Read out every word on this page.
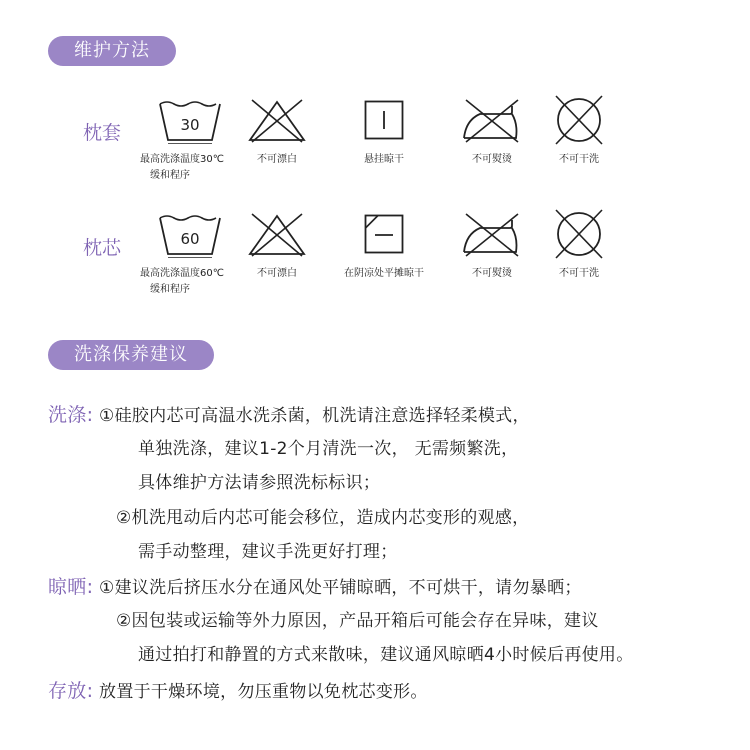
维护方法
枕套	30
最高洗涤温度30℃
缓和程序
不可漂白	悬挂晾干	不可熨烫	不可干洗
枕芯	60
最高洗涤温度60℃
缓和程序
不可漂白	在阴凉处平摊晾干	不可熨烫	不可干洗
洗涤保养建议
洗涤: ①硅胶内芯可高温水洗杀菌，机洗请注意选择轻柔模式，
单独洗涤，建议1-2个月清洗一次， 无需频繁洗，
具体维护方法请参照洗标标识；
②机洗甩动后内芯可能会移位，造成内芯变形的观感，
需手动整理，建议手洗更好打理；
晾晒: ①建议洗后挤压水分在通风处平铺晾晒，不可烘干，请勿暴晒；
②因包装或运输等外力原因，产品开箱后可能会存在异味，建议
通过拍打和静置的方式来散味，建议通风晾晒4小时候后再使用。
存放: 放置于干燥环境，勿压重物以免枕芯变形。
